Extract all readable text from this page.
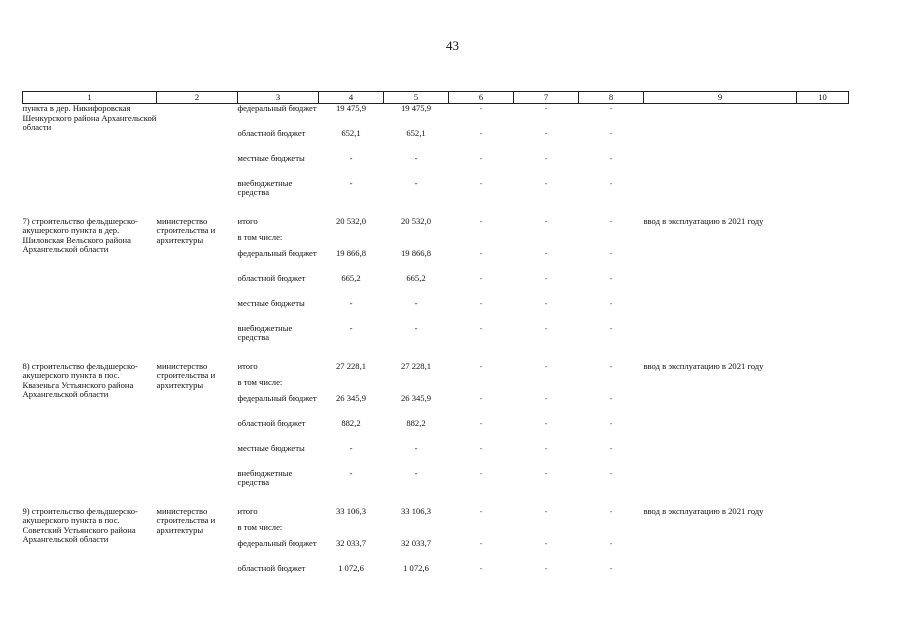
43
1	2	3	4	5	6	7	8	9	10
пункта в дер. Никифоровская Шенкурского района Архангельской области		федеральный бюджет	19 475,9	19 475,9	-	-	-		
		областной бюджет	652,1	652,1	-	-	-		
		местные бюджеты	-	-	-	-	-		
		внебюджетные средства	-	-	-	-	-		

7) строительство фельдшерско-акушерского пункта в дер. Шиловская Вельского района Архангельской области	министерство строительства и архитектуры	итого	20 532,0	20 532,0	-	-	-	ввод в эксплуатацию в 2021 году	
		в том числе:							
		федеральный бюджет	19 866,8	19 866,8	-	-	-		
		областной бюджет	665,2	665,2	-	-	-		
		местные бюджеты	-	-	-	-	-		
		внебюджетные средства	-	-	-	-	-		

8) строительство фельдшерско-акушерского пункта в пос. Квазеньга Устьянского района Архангельской области	министерство строительства и архитектуры	итого	27 228,1	27 228,1	-	-	-	ввод в эксплуатацию в 2021 году	
		в том числе:							
		федеральный бюджет	26 345,9	26 345,9	-	-	-		
		областной бюджет	882,2	882,2	-	-	-		
		местные бюджеты	-	-	-	-	-		
		внебюджетные средства	-	-	-	-	-		

9) строительство фельдшерско-акушерского пункта в пос. Советский Устьянского района Архангельской области	министерство строительства и архитектуры	итого	33 106,3	33 106,3	-	-	-	ввод в эксплуатацию в 2021 году	
		в том числе:							
		федеральный бюджет	32 033,7	32 033,7	-	-	-		
		областной бюджет	1 072,6	1 072,6	-	-	-		
